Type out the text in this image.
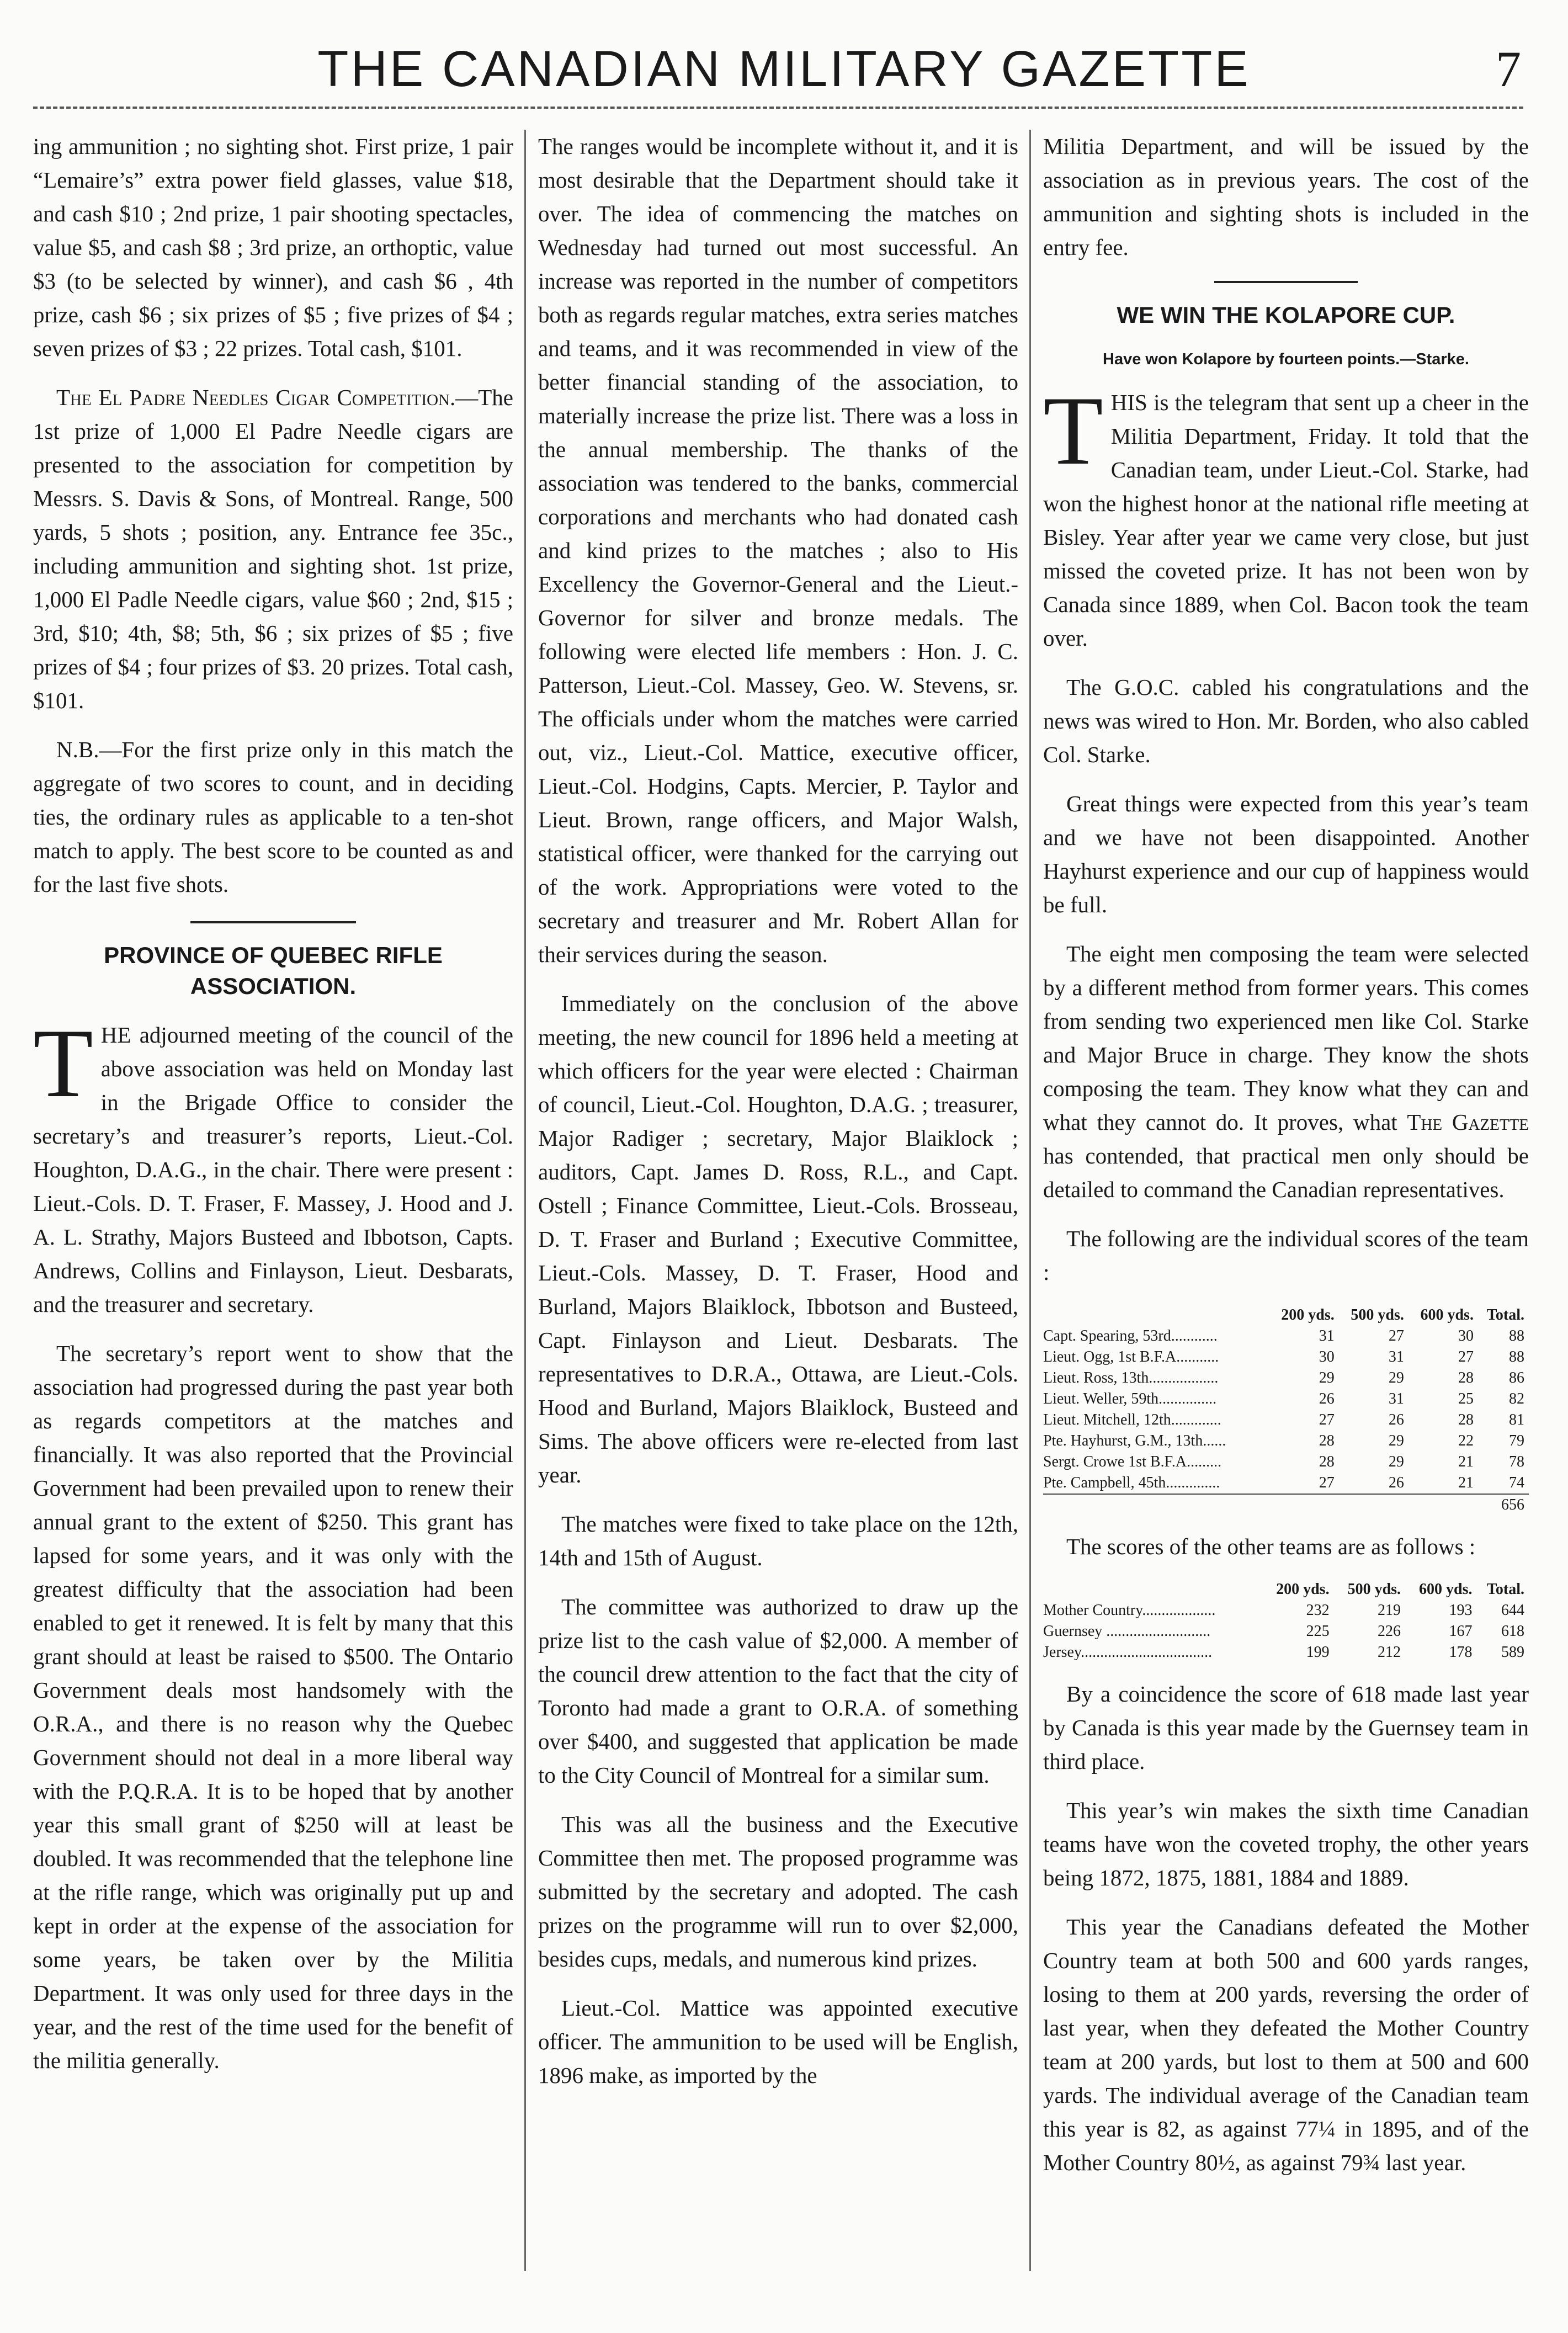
THE CANADIAN MILITARY GAZETTE	7

ing ammunition ; no sighting shot. First prize, 1 pair “Lemaire’s” extra power field glasses, value $18, and cash $10 ; 2nd prize, 1 pair shooting spectacles, value $5, and cash $8 ; 3rd prize, an orthoptic, value $3 (to be selected by winner), and cash $6 , 4th prize, cash $6 ; six prizes of $5 ; five prizes of $4 ; seven prizes of $3 ; 22 prizes. Total cash, $101.

The El Padre Needles Cigar Competition.—The 1st prize of 1,000 El Padre Needle cigars are presented to the association for competition by Messrs. S. Davis & Sons, of Montreal. Range, 500 yards, 5 shots ; position, any. Entrance fee 35c., including ammunition and sighting shot. 1st prize, 1,000 El Padle Needle cigars, value $60 ; 2nd, $15 ; 3rd, $10; 4th, $8; 5th, $6 ; six prizes of $5 ; five prizes of $4 ; four prizes of $3. 20 prizes. Total cash, $101.

N.B.—For the first prize only in this match the aggregate of two scores to count, and in deciding ties, the ordinary rules as applicable to a ten-shot match to apply. The best score to be counted as and for the last five shots.

PROVINCE OF QUEBEC RIFLE ASSOCIATION.

THE adjourned meeting of the council of the above association was held on Monday last in the Brigade Office to consider the secretary’s and treasurer’s reports, Lieut.-Col. Houghton, D.A.G., in the chair. There were present : Lieut.-Cols. D. T. Fraser, F. Massey, J. Hood and J. A. L. Strathy, Majors Busteed and Ibbotson, Capts. Andrews, Collins and Finlayson, Lieut. Desbarats, and the treasurer and secretary.

The secretary’s report went to show that the association had progressed during the past year both as regards competitors at the matches and financially. It was also reported that the Provincial Government had been prevailed upon to renew their annual grant to the extent of $250. This grant has lapsed for some years, and it was only with the greatest difficulty that the association had been enabled to get it renewed. It is felt by many that this grant should at least be raised to $500. The Ontario Government deals most handsomely with the O.R.A., and there is no reason why the Quebec Government should not deal in a more liberal way with the P.Q.R.A. It is to be hoped that by another year this small grant of $250 will at least be doubled. It was recommended that the telephone line at the rifle range, which was originally put up and kept in order at the expense of the association for some years, be taken over by the Militia Department. It was only used for three days in the year, and the rest of the time used for the benefit of the militia generally.

The ranges would be incomplete without it, and it is most desirable that the Department should take it over. The idea of commencing the matches on Wednesday had turned out most successful. An increase was reported in the number of competitors both as regards regular matches, extra series matches and teams, and it was recommended in view of the better financial standing of the association, to materially increase the prize list. There was a loss in the annual membership. The thanks of the association was tendered to the banks, commercial corporations and merchants who had donated cash and kind prizes to the matches ; also to His Excellency the Governor-General and the Lieut.-Governor for silver and bronze medals. The following were elected life members : Hon. J. C. Patterson, Lieut.-Col. Massey, Geo. W. Stevens, sr. The officials under whom the matches were carried out, viz., Lieut.-Col. Mattice, executive officer, Lieut.-Col. Hodgins, Capts. Mercier, P. Taylor and Lieut. Brown, range officers, and Major Walsh, statistical officer, were thanked for the carrying out of the work. Appropriations were voted to the secretary and treasurer and Mr. Robert Allan for their services during the season.

Immediately on the conclusion of the above meeting, the new council for 1896 held a meeting at which officers for the year were elected : Chairman of council, Lieut.-Col. Houghton, D.A.G. ; treasurer, Major Radiger ; secretary, Major Blaiklock ; auditors, Capt. James D. Ross, R.L., and Capt. Ostell ; Finance Committee, Lieut.-Cols. Brosseau, D. T. Fraser and Burland ; Executive Committee, Lieut.-Cols. Massey, D. T. Fraser, Hood and Burland, Majors Blaiklock, Ibbotson and Busteed, Capt. Finlayson and Lieut. Desbarats. The representatives to D.R.A., Ottawa, are Lieut.-Cols. Hood and Burland, Majors Blaiklock, Busteed and Sims. The above officers were re-elected from last year.

The matches were fixed to take place on the 12th, 14th and 15th of August.

The committee was authorized to draw up the prize list to the cash value of $2,000. A member of the council drew attention to the fact that the city of Toronto had made a grant to O.R.A. of something over $400, and suggested that application be made to the City Council of Montreal for a similar sum.

This was all the business and the Executive Committee then met. The proposed programme was submitted by the secretary and adopted. The cash prizes on the programme will run to over $2,000, besides cups, medals, and numerous kind prizes.

Lieut.-Col. Mattice was appointed executive officer. The ammunition to be used will be English, 1896 make, as imported by the

Militia Department, and will be issued by the association as in previous years. The cost of the ammunition and sighting shots is included in the entry fee.

WE WIN THE KOLAPORE CUP.
Have won Kolapore by fourteen points.—Starke.

THIS is the telegram that sent up a cheer in the Militia Department, Friday. It told that the Canadian team, under Lieut.-Col. Starke, had won the highest honor at the national rifle meeting at Bisley. Year after year we came very close, but just missed the coveted prize. It has not been won by Canada since 1889, when Col. Bacon took the team over.

The G.O.C. cabled his congratulations and the news was wired to Hon. Mr. Borden, who also cabled Col. Starke.

Great things were expected from this year’s team and we have not been disappointed. Another Hayhurst experience and our cup of happiness would be full.

The eight men composing the team were selected by a different method from former years. This comes from sending two experienced men like Col. Starke and Major Bruce in charge. They know the shots composing the team. They know what they can and what they cannot do. It proves, what The Gazette has contended, that practical men only should be detailed to command the Canadian representatives.

The following are the individual scores of the team :

	200 yds.	500 yds.	600 yds.	Total.
Capt. Spearing, 53rd............	31	27	30	88
Lieut. Ogg, 1st B.F.A...........	30	31	27	88
Lieut. Ross, 13th..................	29	29	28	86
Lieut. Weller, 59th...............	26	31	25	82
Lieut. Mitchell, 12th.............	27	26	28	81
Pte. Hayhurst, G.M., 13th......	28	29	22	79
Sergt. Crowe 1st B.F.A.........	28	29	21	78
Pte. Campbell, 45th..............	27	26	21	74
				656

The scores of the other teams are as follows :

	200 yds.	500 yds.	600 yds.	Total.
Mother Country...................	232	219	193	644
Guernsey ...........................	225	226	167	618
Jersey..................................	199	212	178	589

By a coincidence the score of 618 made last year by Canada is this year made by the Guernsey team in third place.

This year’s win makes the sixth time Canadian teams have won the coveted trophy, the other years being 1872, 1875, 1881, 1884 and 1889.

This year the Canadians defeated the Mother Country team at both 500 and 600 yards ranges, losing to them at 200 yards, reversing the order of last year, when they defeated the Mother Country team at 200 yards, but lost to them at 500 and 600 yards. The individual average of the Canadian team this year is 82, as against 77¼ in 1895, and of the Mother Country 80½, as against 79¾ last year.
